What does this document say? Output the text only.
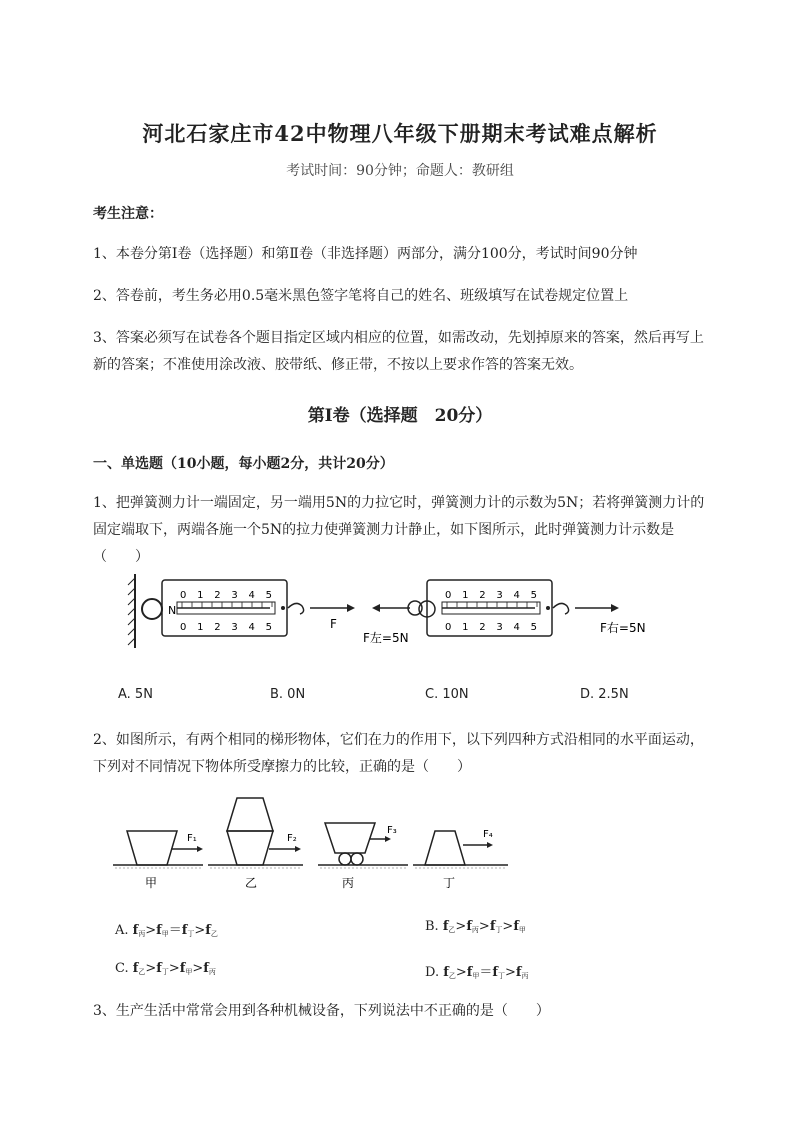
河北石家庄市42中物理八年级下册期末考试难点解析
考试时间：90分钟；命题人：教研组
考生注意：
1、本卷分第I卷（选择题）和第Ⅱ卷（非选择题）两部分，满分100分，考试时间90分钟
2、答卷前，考生务必用0.5毫米黑色签字笔将自己的姓名、班级填写在试卷规定位置上
3、答案必须写在试卷各个题目指定区域内相应的位置，如需改动，先划掉原来的答案，然后再写上新的答案；不准使用涂改液、胶带纸、修正带，不按以上要求作答的答案无效。
第I卷（选择题　20分）
一、单选题（10小题，每小题2分，共计20分）
1、把弹簧测力计一端固定，另一端用5N的力拉它时，弹簧测力计的示数为5N；若将弹簧测力计的固定端取下，两端各施一个5N的拉力使弹簧测力计静止，如下图所示，此时弹簧测力计示数是（　　）
0 1 2 3 4 5
N
0 1 2 3 4 5	F
F左=5N
0 1 2 3 4 5
0 1 2 3 4 5	F右=5N
A. 5N	B. 0N	C. 10N	D. 2.5N
2、如图所示，有两个相同的梯形物体，它们在力的作用下，以下列四种方式沿相同的水平面运动，下列对不同情况下物体所受摩擦力的比较，正确的是（　　）
F₁
甲
F₂
乙
F₃
丙
F₄
丁
A. $f_丙>f_甲=f_丁>f_乙$	B. $f_乙>f_丙>f_丁>f_甲$
C. $f_乙>f_丁>f_甲>f_丙$	D. $f_乙>f_甲=f_丁>f_丙$
3、生产生活中常常会用到各种机械设备，下列说法中不正确的是（　　）
